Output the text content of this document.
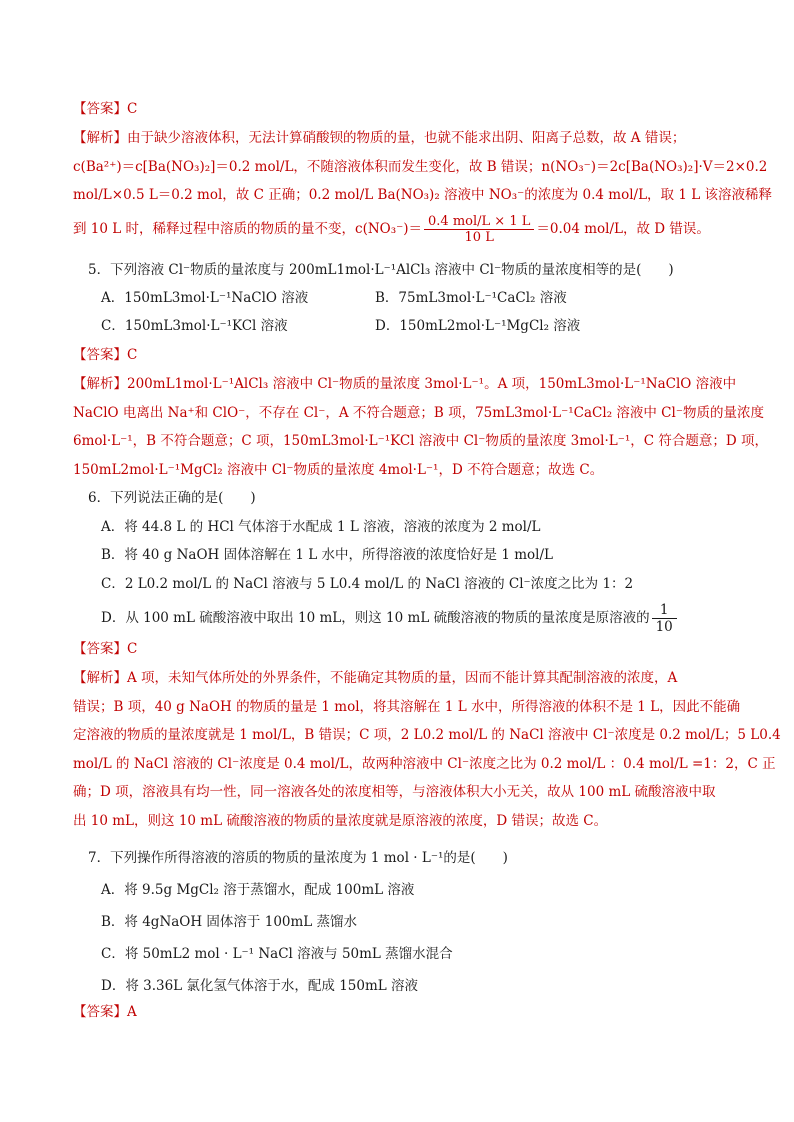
【答案】C
【解析】由于缺少溶液体积，无法计算硝酸钡的物质的量，也就不能求出阴、阳离子总数，故 A 错误；
c(Ba²⁺)＝c[Ba(NO₃)₂]＝0.2 mol/L，不随溶液体积而发生变化，故 B 错误；n(NO₃⁻)＝2c[Ba(NO₃)₂]·V＝2×0.2
mol/L×0.5 L＝0.2 mol，故 C 正确；0.2 mol/L Ba(NO₃)₂ 溶液中 NO₃⁻的浓度为 0.4 mol/L，取 1 L 该溶液稀释
到 10 L 时，稀释过程中溶质的物质的量不变，$c(NO_3^-)= \frac{\text{0.4 mol/L × 1 L}}{10 L} =0.04$ mol/L，故 D 错误。
5．下列溶液 Cl⁻物质的量浓度与 200mL1mol·L⁻¹AlCl₃ 溶液中 Cl⁻物质的量浓度相等的是(　　)
A．150mL3mol·L⁻¹NaClO 溶液	B．75mL3mol·L⁻¹CaCl₂ 溶液
C．150mL3mol·L⁻¹KCl 溶液	D．150mL2mol·L⁻¹MgCl₂ 溶液
【答案】C
【解析】200mL1mol·L⁻¹AlCl₃ 溶液中 Cl⁻物质的量浓度 3mol·L⁻¹。A 项，150mL3mol·L⁻¹NaClO 溶液中
NaClO 电离出 Na⁺和 ClO⁻，不存在 Cl⁻，A 不符合题意；B 项，75mL3mol·L⁻¹CaCl₂ 溶液中 Cl⁻物质的量浓度
6mol·L⁻¹，B 不符合题意；C 项，150mL3mol·L⁻¹KCl 溶液中 Cl⁻物质的量浓度 3mol·L⁻¹，C 符合题意；D 项，
150mL2mol·L⁻¹MgCl₂ 溶液中 Cl⁻物质的量浓度 4mol·L⁻¹，D 不符合题意；故选 C。
6．下列说法正确的是(　　)
A．将 44.8 L 的 HCl 气体溶于水配成 1 L 溶液，溶液的浓度为 2 mol/L
B．将 40 g NaOH 固体溶解在 1 L 水中，所得溶液的浓度恰好是 1 mol/L
C．2 L0.2 mol/L 的 NaCl 溶液与 5 L0.4 mol/L 的 NaCl 溶液的 Cl⁻浓度之比为 1：2
D．从 100 mL 硫酸溶液中取出 10 mL，则这 10 mL 硫酸溶液的物质的量浓度是原溶液的 $\frac{1}{10}$
【答案】C
【解析】A 项，未知气体所处的外界条件，不能确定其物质的量，因而不能计算其配制溶液的浓度，A
错误；B 项，40 g NaOH 的物质的量是 1 mol，将其溶解在 1 L 水中，所得溶液的体积不是 1 L，因此不能确
定溶液的物质的量浓度就是 1 mol/L，B 错误；C 项，2 L0.2 mol/L 的 NaCl 溶液中 Cl⁻浓度是 0.2 mol/L；5 L0.4
mol/L 的 NaCl 溶液的 Cl⁻浓度是 0.4 mol/L，故两种溶液中 Cl⁻浓度之比为 0.2 mol/L ：0.4 mol/L =1：2，C 正
确；D 项，溶液具有均一性，同一溶液各处的浓度相等，与溶液体积大小无关，故从 100 mL 硫酸溶液中取
出 10 mL，则这 10 mL 硫酸溶液的物质的量浓度就是原溶液的浓度，D 错误；故选 C。
7．下列操作所得溶液的溶质的物质的量浓度为 1 mol · L⁻¹的是(　　)
A．将 9.5g MgCl₂ 溶于蒸馏水，配成 100mL 溶液
B．将 4gNaOH 固体溶于 100mL 蒸馏水
C．将 50mL2 mol · L⁻¹ NaCl 溶液与 50mL 蒸馏水混合
D．将 3.36L 氯化氢气体溶于水，配成 150mL 溶液
【答案】A
